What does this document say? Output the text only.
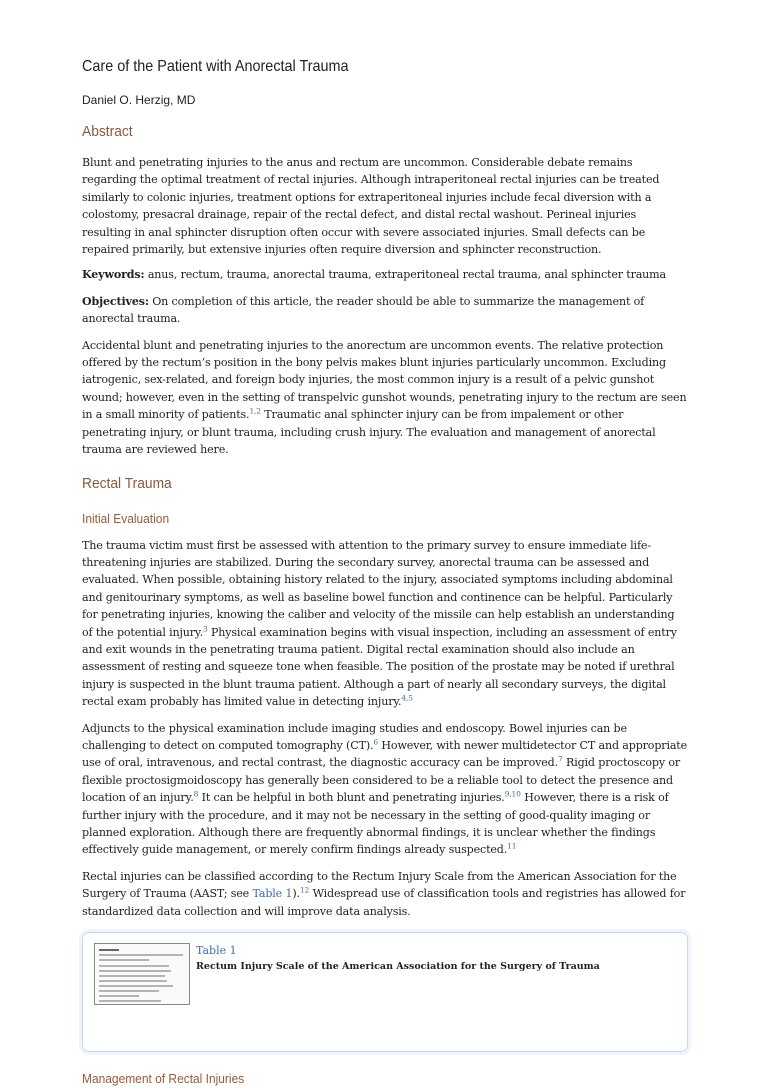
Care of the Patient with Anorectal Trauma
Daniel O. Herzig, MD
Abstract

Blunt and penetrating injuries to the anus and rectum are uncommon. Considerable debate remains regarding the optimal treatment of rectal injuries. Although intraperitoneal rectal injuries can be treated similarly to colonic injuries, treatment options for extraperitoneal injuries include fecal diversion with a colostomy, presacral drainage, repair of the rectal defect, and distal rectal washout. Perineal injuries resulting in anal sphincter disruption often occur with severe associated injuries. Small defects can be repaired primarily, but extensive injuries often require diversion and sphincter reconstruction.

Keywords: anus, rectum, trauma, anorectal trauma, extraperitoneal rectal trauma, anal sphincter trauma

Objectives: On completion of this article, the reader should be able to summarize the management of anorectal trauma.

Accidental blunt and penetrating injuries to the anorectum are uncommon events. The relative protection offered by the rectum’s position in the bony pelvis makes blunt injuries particularly uncommon. Excluding iatrogenic, sex-related, and foreign body injuries, the most common injury is a result of a pelvic gunshot wound; however, even in the setting of transpelvic gunshot wounds, penetrating injury to the rectum are seen in a small minority of patients.$^{1,2}$ Traumatic anal sphincter injury can be from impalement or other penetrating injury, or blunt trauma, including crush injury. The evaluation and management of anorectal trauma are reviewed here.

Rectal Trauma
Initial Evaluation

The trauma victim must first be assessed with attention to the primary survey to ensure immediate life-threatening injuries are stabilized. During the secondary survey, anorectal trauma can be assessed and evaluated. When possible, obtaining history related to the injury, associated symptoms including abdominal and genitourinary symptoms, as well as baseline bowel function and continence can be helpful. Particularly for penetrating injuries, knowing the caliber and velocity of the missile can help establish an understanding of the potential injury.$^3$ Physical examination begins with visual inspection, including an assessment of entry and exit wounds in the penetrating trauma patient. Digital rectal examination should also include an assessment of resting and squeeze tone when feasible. The position of the prostate may be noted if urethral injury is suspected in the blunt trauma patient. Although a part of nearly all secondary surveys, the digital rectal exam probably has limited value in detecting injury.$^{4,5}$

Adjuncts to the physical examination include imaging studies and endoscopy. Bowel injuries can be challenging to detect on computed tomography (CT).$^6$ However, with newer multidetector CT and appropriate use of oral, intravenous, and rectal contrast, the diagnostic accuracy can be improved.$^7$ Rigid proctoscopy or flexible proctosigmoidoscopy has generally been considered to be a reliable tool to detect the presence and location of an injury.$^8$ It can be helpful in both blunt and penetrating injuries.$^{9,10}$ However, there is a risk of further injury with the procedure, and it may not be necessary in the setting of good-quality imaging or planned exploration. Although there are frequently abnormal findings, it is unclear whether the findings effectively guide management, or merely confirm findings already suspected.$^{11}$

Rectal injuries can be classified according to the Rectum Injury Scale from the American Association for the Surgery of Trauma (AAST; see Table 1).$^{12}$ Widespread use of classification tools and registries has allowed for standardized data collection and will improve data analysis.

Table 1
Rectum Injury Scale of the American Association for the Surgery of Trauma
Management of Rectal Injuries
